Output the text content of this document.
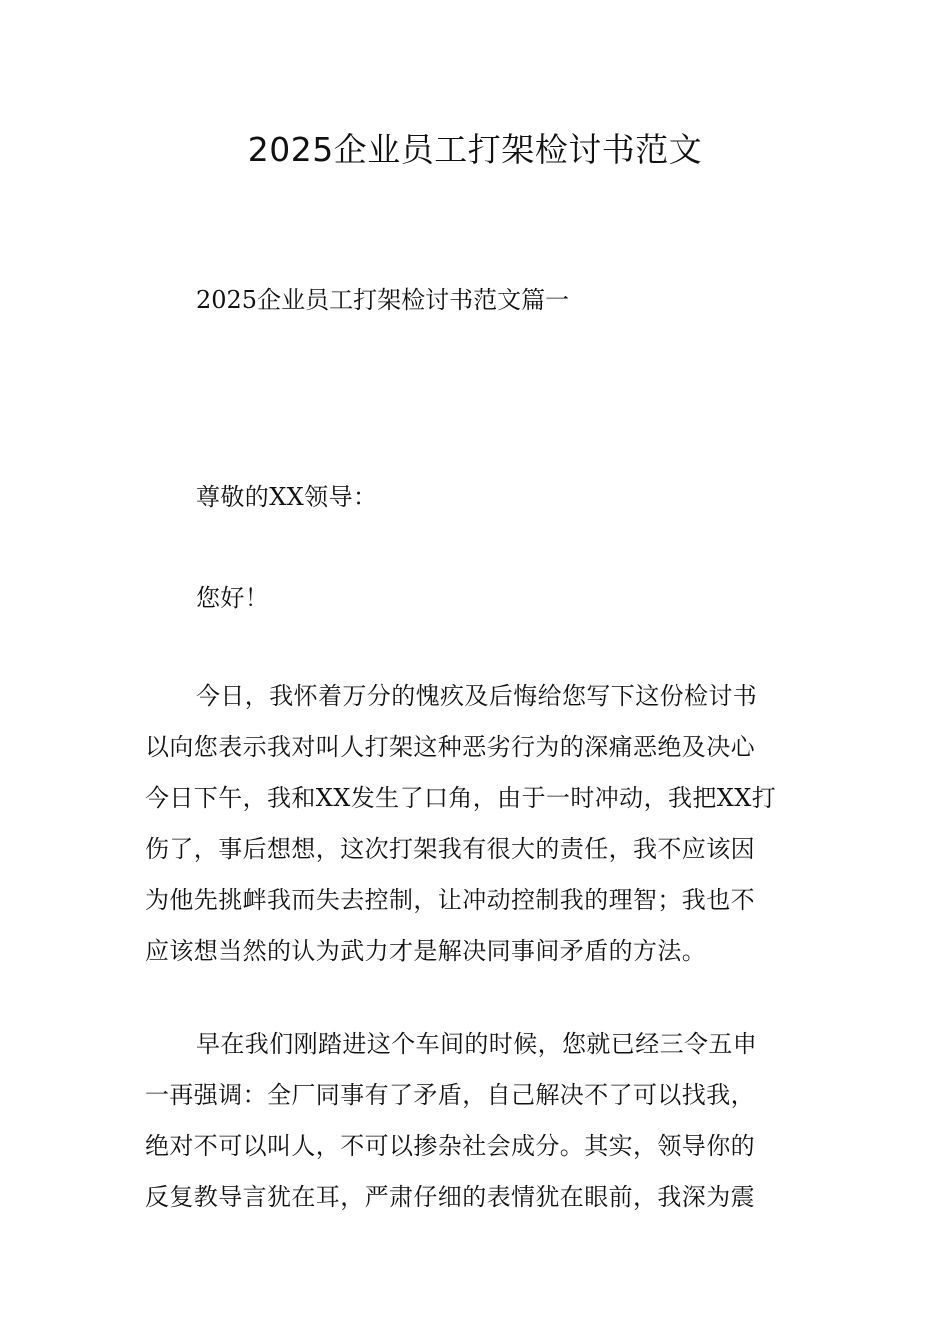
2025企业员工打架检讨书范文

2025企业员工打架检讨书范文篇一

尊敬的XX领导：
您好！
今日，我怀着万分的愧疚及后悔给您写下这份检讨书
以向您表示我对叫人打架这种恶劣行为的深痛恶绝及决心
今日下午，我和XX发生了口角，由于一时冲动，我把XX打
伤了，事后想想，这次打架我有很大的责任，我不应该因
为他先挑衅我而失去控制，让冲动控制我的理智；我也不
应该想当然的认为武力才是解决同事间矛盾的方法。
早在我们刚踏进这个车间的时候，您就已经三令五申
一再强调：全厂同事有了矛盾，自己解决不了可以找我，
绝对不可以叫人，不可以掺杂社会成分。其实，领导你的
反复教导言犹在耳，严肃仔细的表情犹在眼前，我深为震
